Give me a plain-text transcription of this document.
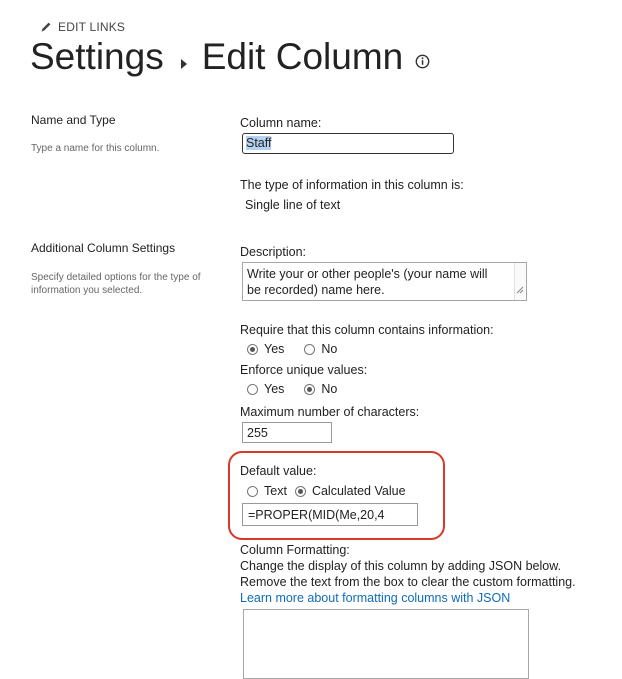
EDIT LINKS
Settings Edit Column
Name and Type
Type a name for this column.
Additional Column Settings
Specify detailed options for the type of
information you selected.
Column name:
Staff
The type of information in this column is:
Single line of text
Description:
Write your or other people's (your name will
be recorded) name here.
Require that this column contains information:
Yes	No
Enforce unique values:
Yes	No
Maximum number of characters:
255
Default value:
Text Calculated Value
=PROPER(MID(Me,20,4
Column Formatting:
Change the display of this column by adding JSON below.
Remove the text from the box to clear the custom formatting.
Learn more about formatting columns with JSON
